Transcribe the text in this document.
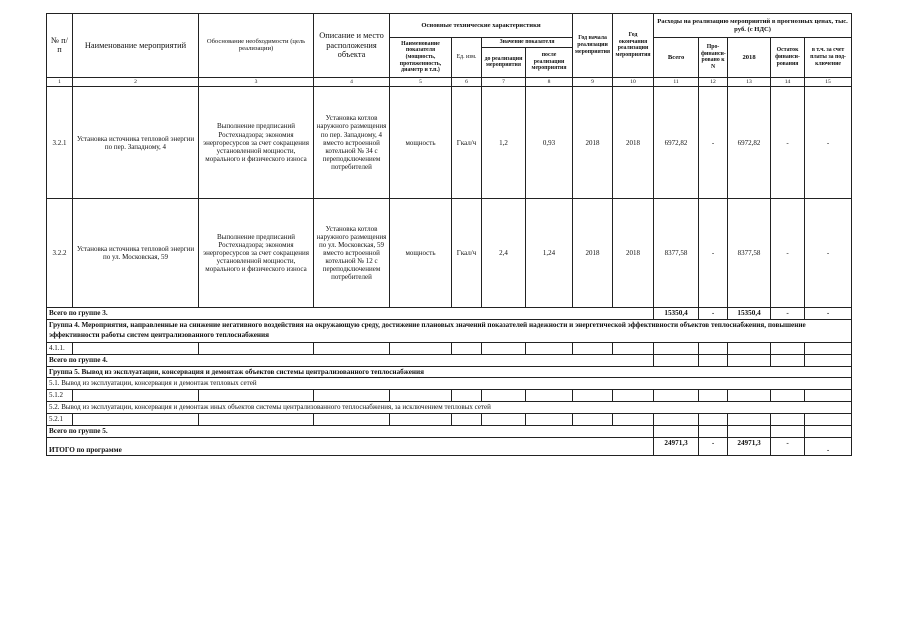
№ п/п	Наименование мероприятий	Обоснование необходимости (цель реализации)	Описание и место расположения объекта	Основные технические характеристики				Год начала реализации мероприятия	Год окончания реализации мероприятия	Расходы на реализацию мероприятий в прогнозных ценах, тыс. руб. (с НДС)				
				Наименование показателя (мощность, протяженность, диаметр и т.п.)	Ед. изм.	Значение показателя				Всего	Про-финанси-ровано к N	2018	Остаток финанси-рования	в т.ч. за счет платы за под-ключение
						до реализации мероприятия	после реализации мероприятия							
1	2	3	4	5	6	7	8	9	10	11	12	13	14	15
3.2.1	Установка источника тепловой энергии по пер. Западному, 4	Выполнение предписаний Ростехнадзора; экономия энергоресурсов за счет сокращения установленной мощности, морального и физического износа	Установка котлов наружного размещения по пер. Западному, 4 вместо встроенной котельной № 34 с переподключением потребителей	мощность	Гкал/ч	1,2	0,93	2018	2018	6972,82	-	6972,82	-	-
3.2.2	Установка источника тепловой энергии по ул. Московская, 59	Выполнение предписаний Ростехнадзора; экономия энергоресурсов за счет сокращения установленной мощности, морального и физического износа	Установка котлов наружного размещения по ул. Московская, 59 вместо встроенной котельной № 12 с переподключением потребителей	мощность	Гкал/ч	2,4	1,24	2018	2018	8377,58	-	8377,58	-	-
Всего по группе 3.										15350,4	-	15350,4	-	-
Группа 4. Мероприятия, направленные на снижение негативного воздействия на окружающую среду, достижение плановых значений показателей надежности и энергетической эффективности объектов теплоснабжения, повышение эффективности работы систем централизованного теплоснабжения														
4.1.1.														
Всего по группе 4.														
Группа 5. Вывод из эксплуатации, консервация и демонтаж объектов системы централизованного теплоснабжения														
5.1. Вывод из эксплуатации, консервация и демонтаж тепловых сетей														
5.1.2														
5.2. Вывод из эксплуатации, консервация и демонтаж иных объектов системы централизованного теплоснабжения, за исключением тепловых сетей														
5.2.1														
Всего по группе 5.														
ИТОГО по программе										24971,3	-	24971,3	-	-
